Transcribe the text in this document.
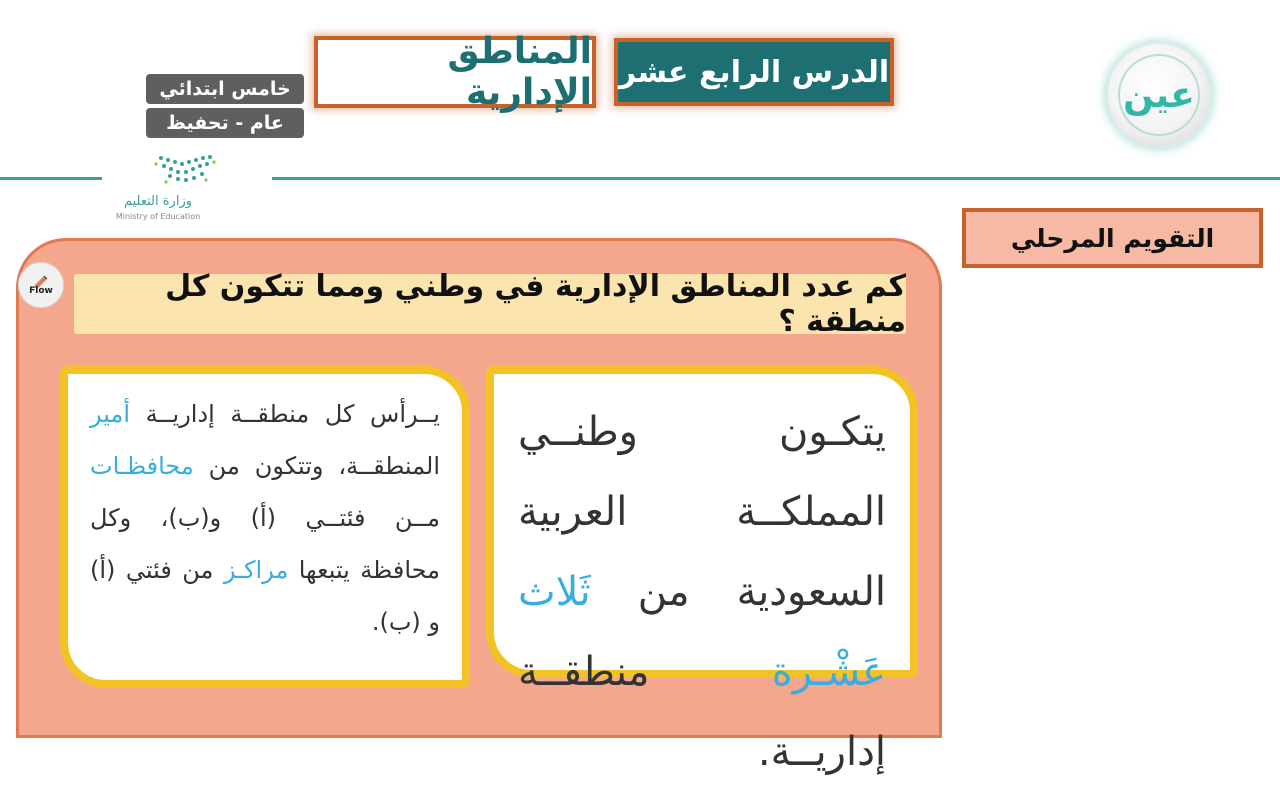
الدرس الرابع عشر
المناطق الإدارية
خامس ابتدائي
عام - تحفيظ
وزارة التعليم
Ministry of Education
عين
التقويم المرحلي
كم عدد المناطق الإدارية في وطني ومما تتكون كل منطقة ؟
Flow
يتكـون وطنــي المملكــة العربية السعودية من ثَلاث عَشْـرة منطقــة إداريــة.
يــرأس كل منطقــة إداريــة أمير المنطقــة، وتتكون من محافظـات مــن فئتــي (أ) و(ب)، وكل محافظة يتبعها مراكـز من فئتي (أ) و (ب).
